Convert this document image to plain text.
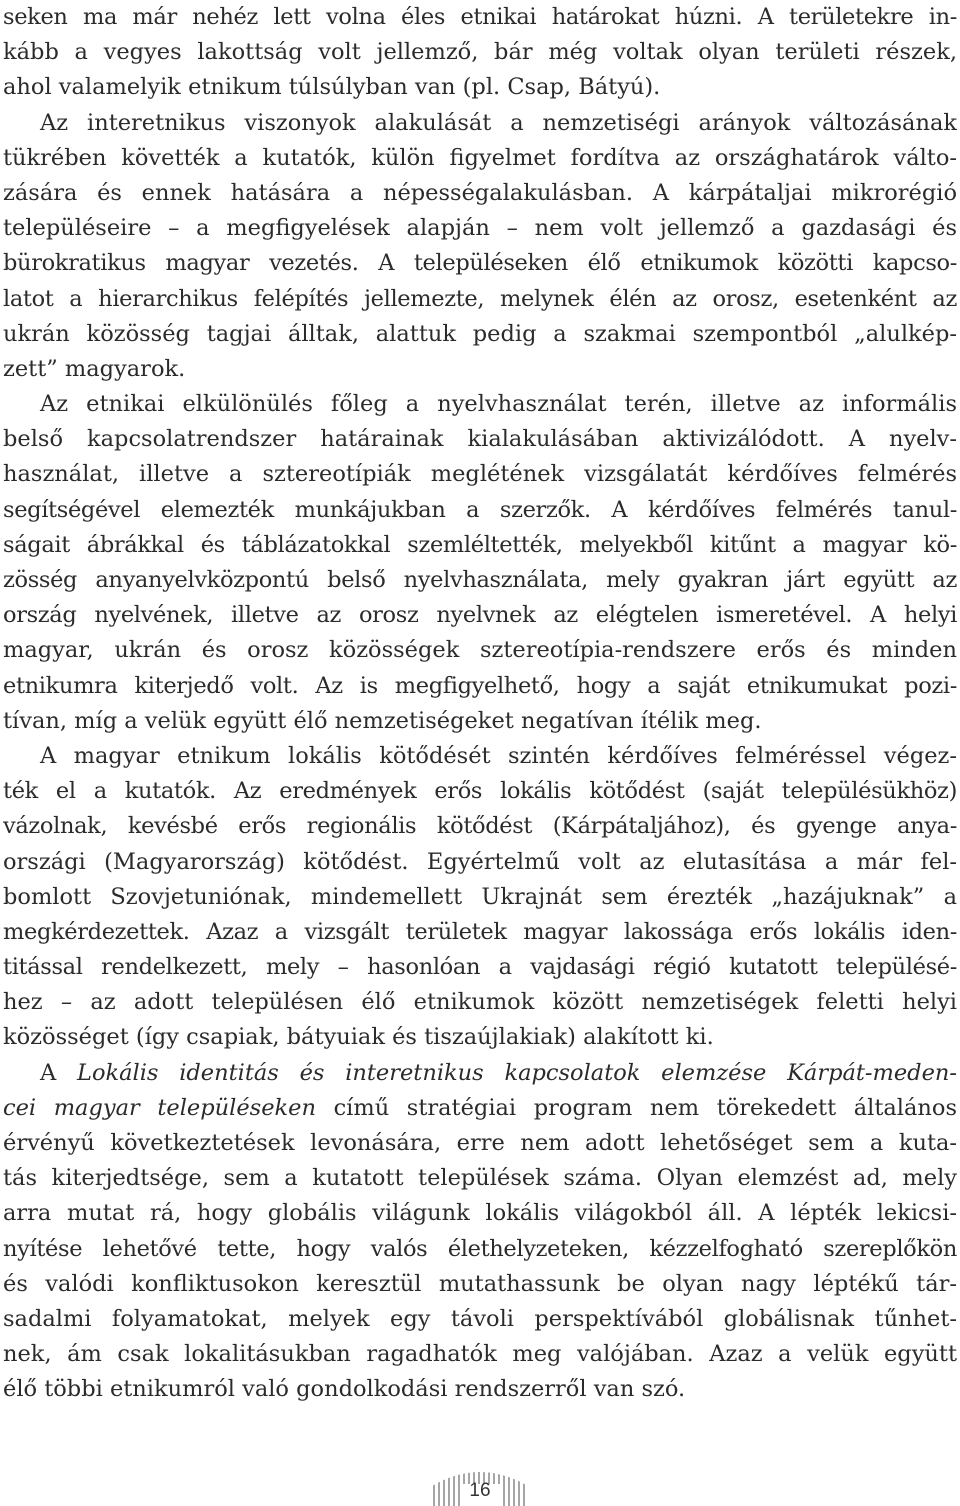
seken ma már nehéz lett volna éles etnikai határokat húzni. A területekre in-
kább a vegyes lakottság volt jellemző, bár még voltak olyan területi részek,
ahol valamelyik etnikum túlsúlyban van (pl. Csap, Bátyú).
Az interetnikus viszonyok alakulását a nemzetiségi arányok változásának
tükrében követték a kutatók, külön figyelmet fordítva az országhatárok válto-
zására és ennek hatására a népességalakulásban. A kárpátaljai mikrorégió
településeire – a megfigyelések alapján – nem volt jellemző a gazdasági és
bürokratikus magyar vezetés. A településeken élő etnikumok közötti kapcso-
latot a hierarchikus felépítés jellemezte, melynek élén az orosz, esetenként az
ukrán közösség tagjai álltak, alattuk pedig a szakmai szempontból „alulkép-
zett” magyarok.
Az etnikai elkülönülés főleg a nyelvhasználat terén, illetve az informális
belső kapcsolatrendszer határainak kialakulásában aktivizálódott. A nyelv-
használat, illetve a sztereotípiák meglétének vizsgálatát kérdőíves felmérés
segítségével elemezték munkájukban a szerzők. A kérdőíves felmérés tanul-
ságait ábrákkal és táblázatokkal szemléltették, melyekből kitűnt a magyar kö-
zösség anyanyelvközpontú belső nyelvhasználata, mely gyakran járt együtt az
ország nyelvének, illetve az orosz nyelvnek az elégtelen ismeretével. A helyi
magyar, ukrán és orosz közösségek sztereotípia-rendszere erős és minden
etnikumra kiterjedő volt. Az is megfigyelhető, hogy a saját etnikumukat pozi-
tívan, míg a velük együtt élő nemzetiségeket negatívan ítélik meg.
A magyar etnikum lokális kötődését szintén kérdőíves felméréssel végez-
ték el a kutatók. Az eredmények erős lokális kötődést (saját településükhöz)
vázolnak, kevésbé erős regionális kötődést (Kárpátaljához), és gyenge anya-
országi (Magyarország) kötődést. Egyértelmű volt az elutasítása a már fel-
bomlott Szovjetuniónak, mindemellett Ukrajnát sem érezték „hazájuknak” a
megkérdezettek. Azaz a vizsgált területek magyar lakossága erős lokális iden-
titással rendelkezett, mely – hasonlóan a vajdasági régió kutatott településé-
hez – az adott településen élő etnikumok között nemzetiségek feletti helyi
közösséget (így csapiak, bátyuiak és tiszaújlakiak) alakított ki.
A Lokális identitás és interetnikus kapcsolatok elemzése Kárpát-meden-
cei magyar településeken című stratégiai program nem törekedett általános
érvényű következtetések levonására, erre nem adott lehetőséget sem a kuta-
tás kiterjedtsége, sem a kutatott települések száma. Olyan elemzést ad, mely
arra mutat rá, hogy globális világunk lokális világokból áll. A lépték lekicsi-
nyítése lehetővé tette, hogy valós élethelyzeteken, kézzelfogható szereplőkön
és valódi konfliktusokon keresztül mutathassunk be olyan nagy léptékű tár-
sadalmi folyamatokat, melyek egy távoli perspektívából globálisnak tűnhet-
nek, ám csak lokalitásukban ragadhatók meg valójában. Azaz a velük együtt
élő többi etnikumról való gondolkodási rendszerről van szó.
16
